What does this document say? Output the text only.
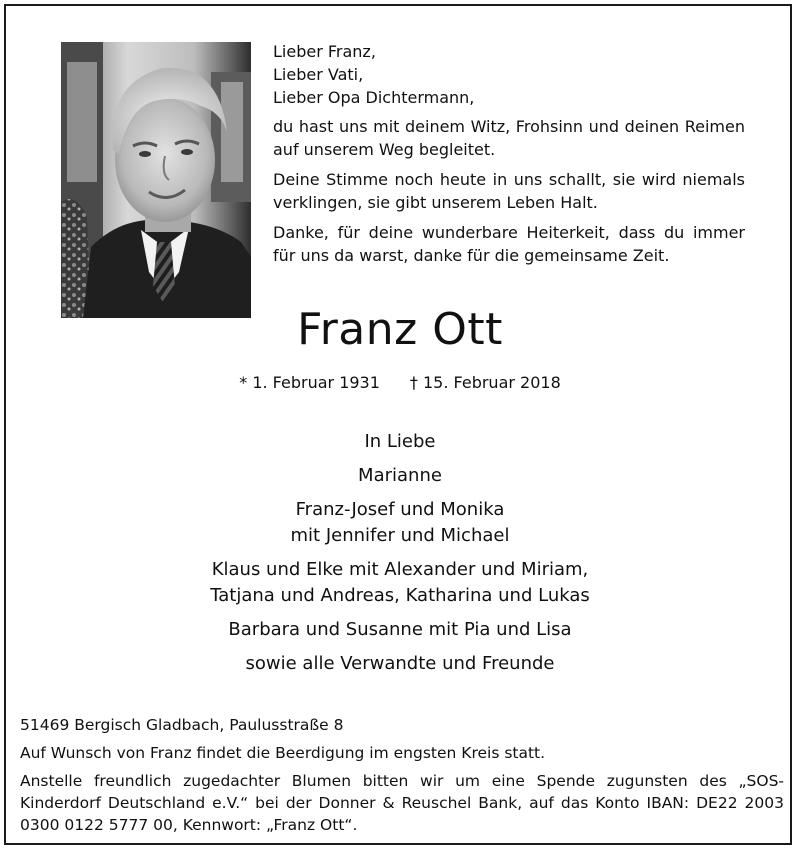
Lieber Franz,
Lieber Vati,
Lieber Opa Dichtermann,

du hast uns mit deinem Witz, Frohsinn und deinen Reimen auf unserem Weg begleitet.

Deine Stimme noch heute in uns schallt, sie wird niemals verklingen, sie gibt unserem Leben Halt.

Danke, für deine wunderbare Heiterkeit, dass du immer für uns da warst, danke für die gemeinsame Zeit.

Franz Ott
* 1. Februar 1931 † 15. Februar 2018
In Liebe
Marianne
Franz-Josef und Monika
mit Jennifer und Michael
Klaus und Elke mit Alexander und Miriam,
Tatjana und Andreas, Katharina und Lukas
Barbara und Susanne mit Pia und Lisa
sowie alle Verwandte und Freunde

51469 Bergisch Gladbach, Paulusstraße 8

Auf Wunsch von Franz findet die Beerdigung im engsten Kreis statt.

Anstelle freundlich zugedachter Blumen bitten wir um eine Spende zugunsten des „SOS- Kinderdorf Deutschland e.V.“ bei der Donner & Reuschel Bank, auf das Konto IBAN: DE22 2003 0300 0122 5777 00, Kennwort: „Franz Ott“.
